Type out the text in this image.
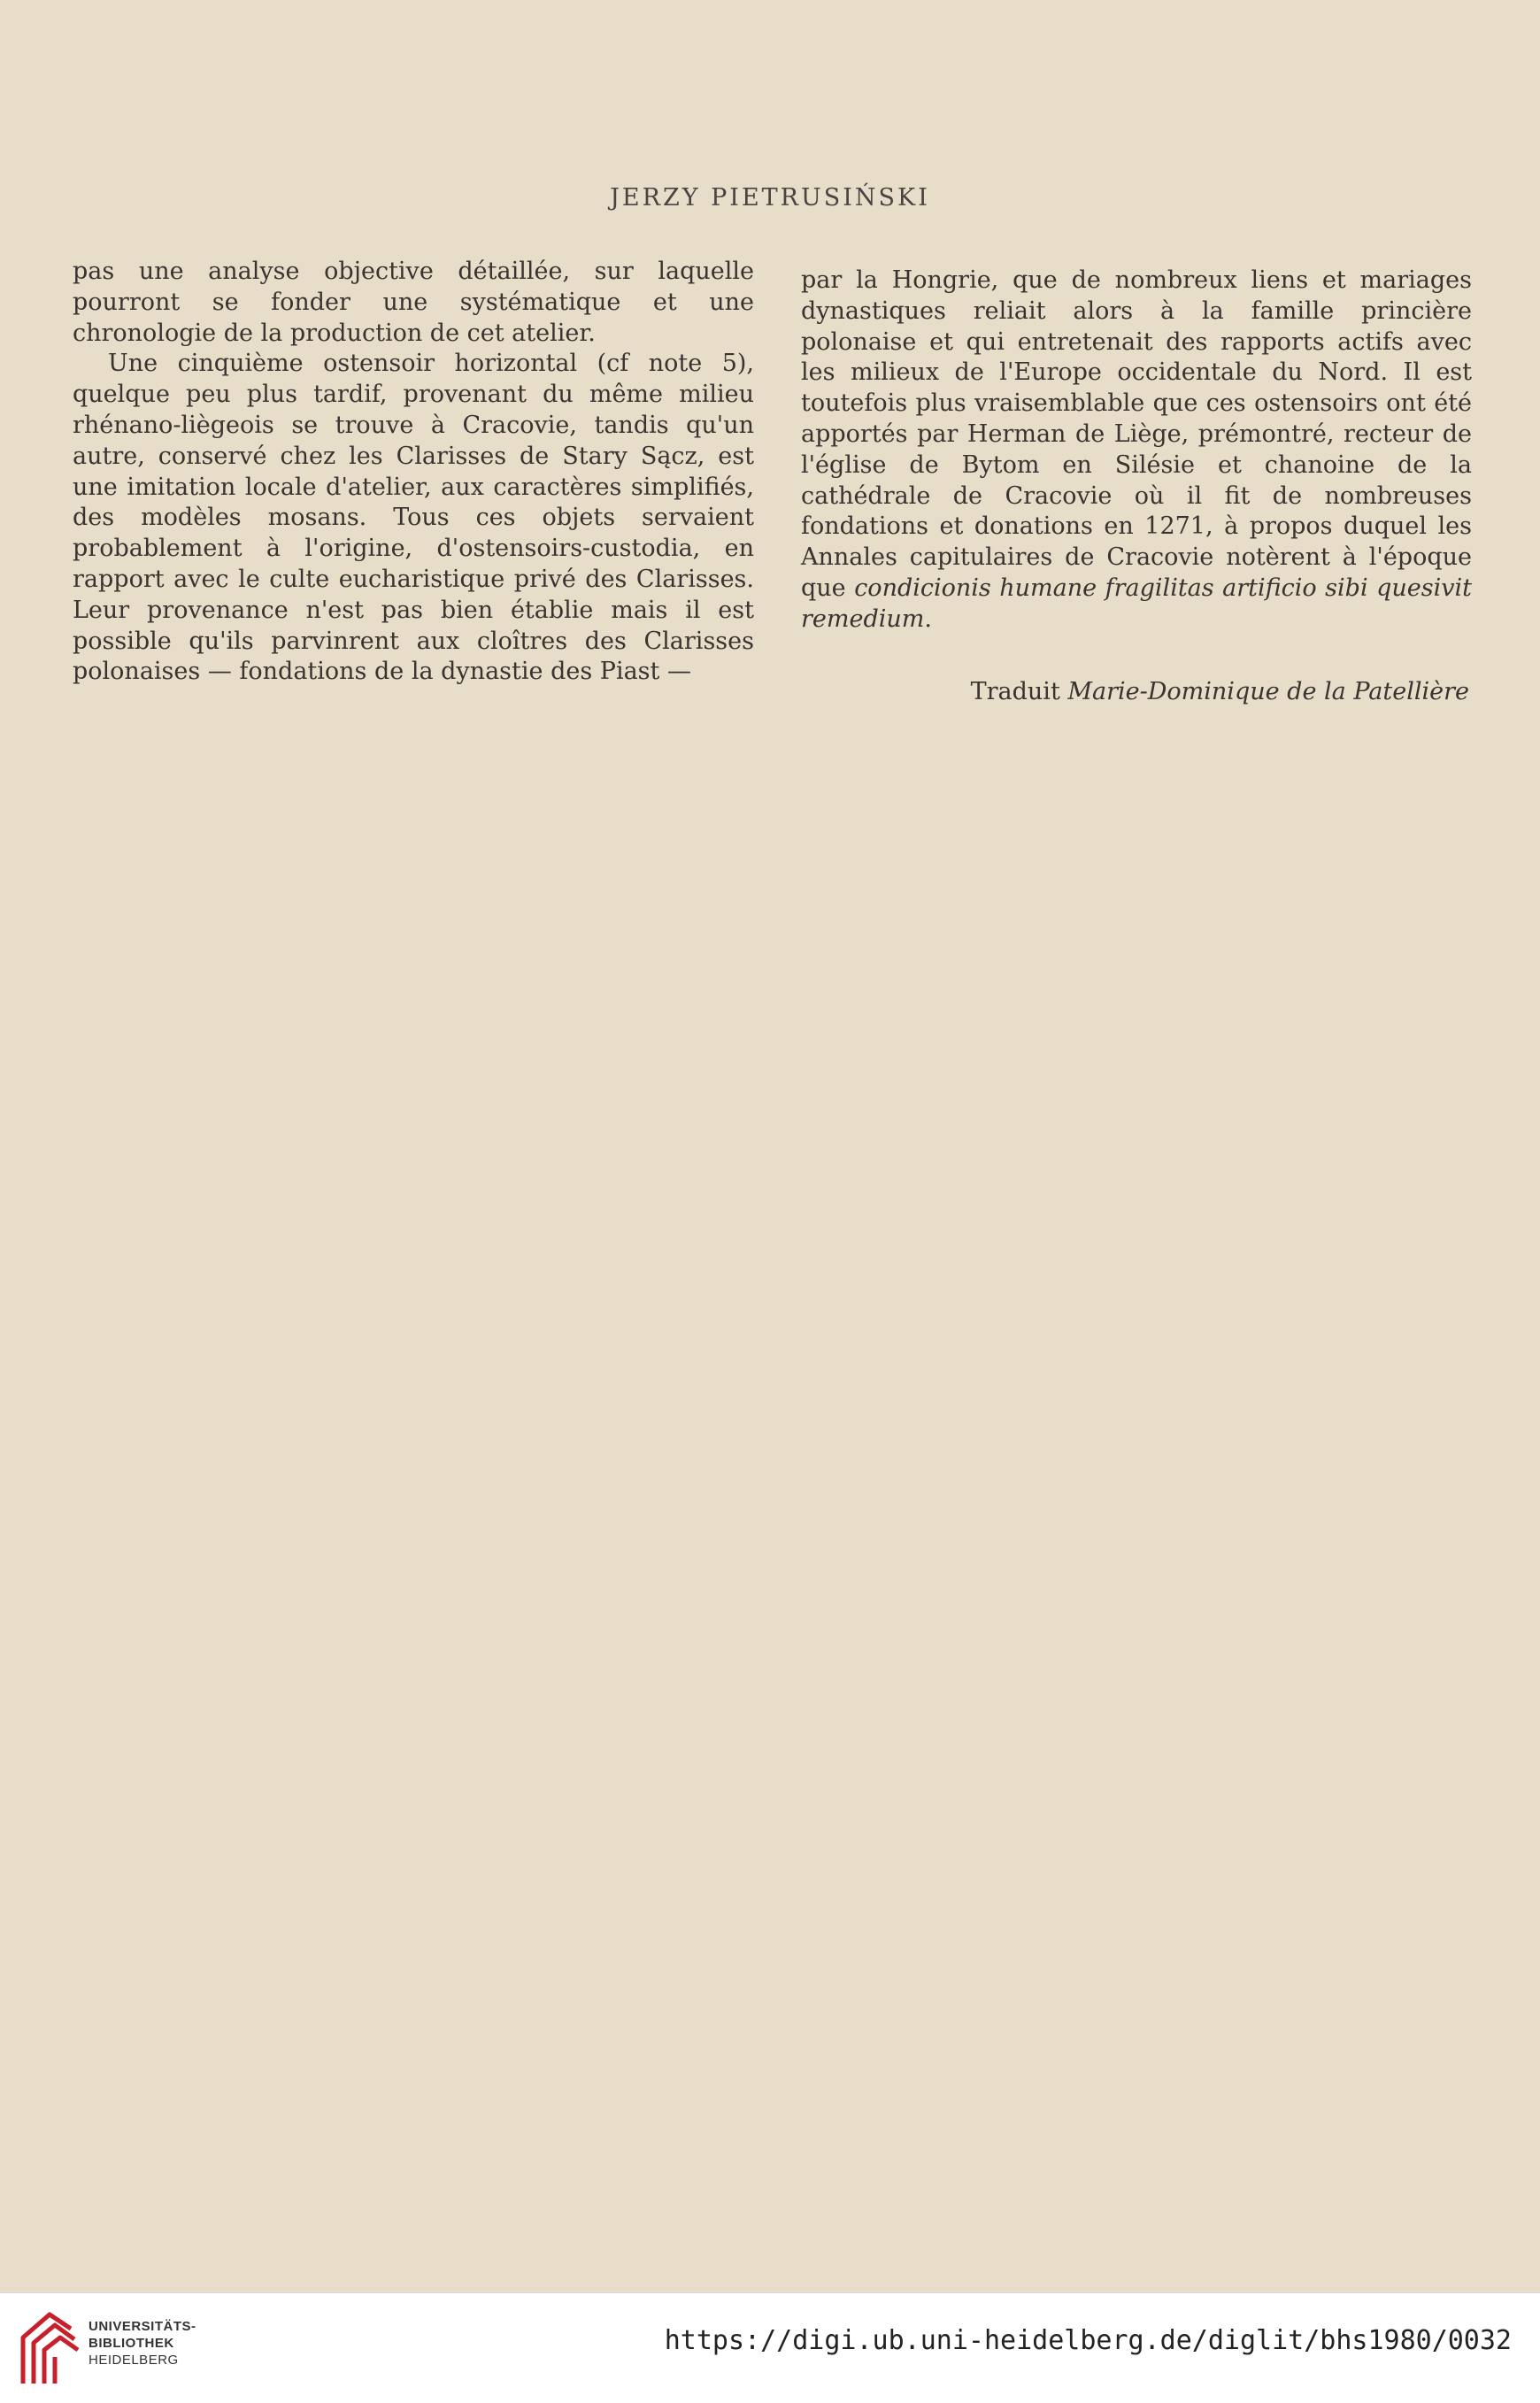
JERZY PIETRUSIŃSKI

pas une analyse objective détaillée, sur laquelle pourront se fonder une systématique et une chronologie de la production de cet atelier.

Une cinquième ostensoir horizontal (cf note 5), quelque peu plus tardif, provenant du même milieu rhénano-liègeois se trouve à Cracovie, tandis qu'un autre, conservé chez les Clarisses de Stary Sącz, est une imitation locale d'atelier, aux caractères simplifiés, des modèles mosans. Tous ces objets servaient probablement à l'origine, d'ostensoirs-custodia, en rapport avec le culte eucharistique privé des Clarisses. Leur provenance n'est pas bien établie mais il est possible qu'ils parvinrent aux cloîtres des Clarisses polonaises — fondations de la dynastie des Piast —

par la Hongrie, que de nombreux liens et mariages dynastiques reliait alors à la famille princière polonaise et qui entretenait des rapports actifs avec les milieux de l'Europe occidentale du Nord. Il est toutefois plus vraisemblable que ces ostensoirs ont été apportés par Herman de Liège, prémontré, recteur de l'église de Bytom en Silésie et chanoine de la cathédrale de Cracovie où il fit de nombreuses fondations et donations en 1271, à propos duquel les Annales capitulaires de Cracovie notèrent à l'époque que condicionis humane fragilitas artificio sibi quesivit remedium.

Traduit Marie-Dominique de la Patellière
UNIVERSITÄTS-
BIBLIOTHEK
HEIDELBERG
https://digi.ub.uni-heidelberg.de/diglit/bhs1980/0032
